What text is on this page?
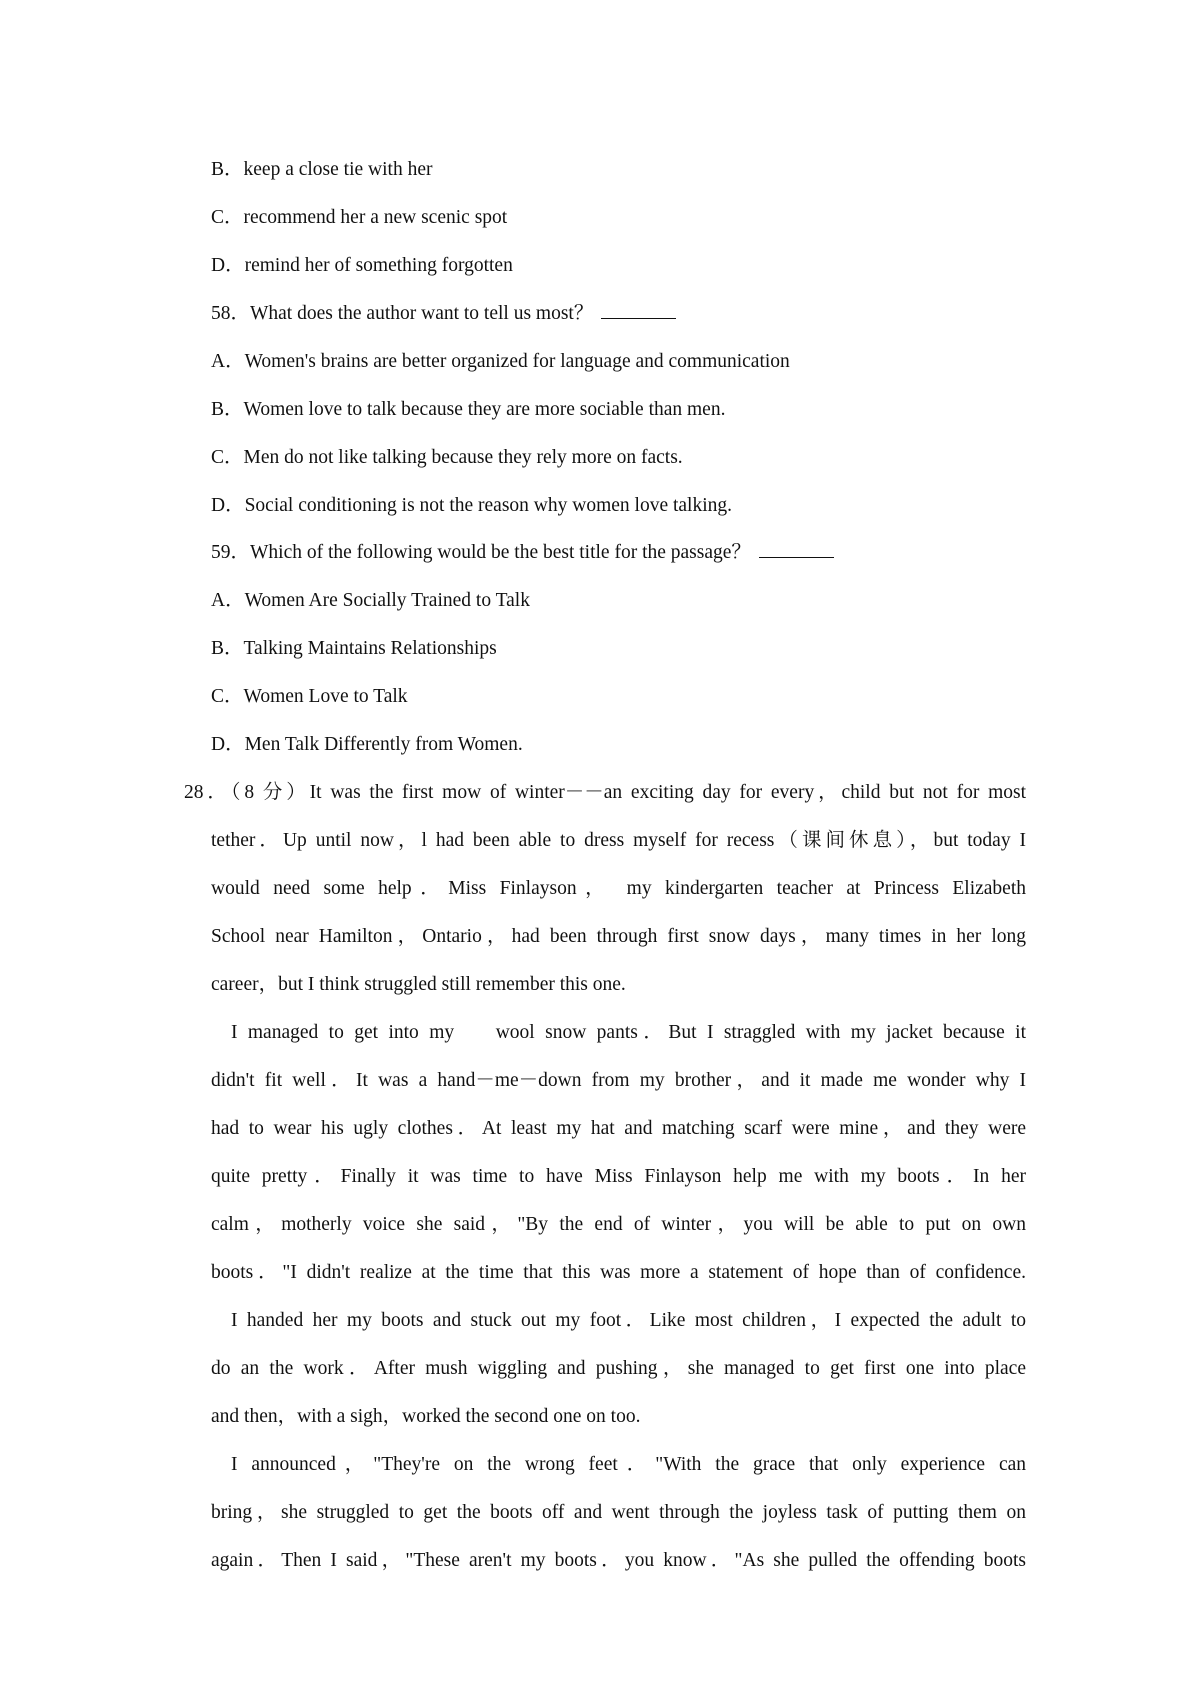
B．keep a close tie with her
C．recommend her a new scenic spot
D．remind her of something forgotten
58．What does the author want to tell us most？
A．Women's brains are better organized for language and communication
B．Women love to talk because they are more sociable than men.
C．Men do not like talking because they rely more on facts.
D．Social conditioning is not the reason why women love talking.
59．Which of the following would be the best title for the passage？
A．Women Are Socially Trained to Talk
B．Talking Maintains Relationships
C．Women Love to Talk
D．Men Talk Differently from Women.
28．（8 分）It was the first mow of winter－－an exciting day for every，child but not for most
tether．Up until now，l had been able to dress myself for recess（课间休息），but today I
would need some help．Miss Finlayson， my kindergarten teacher at Princess Elizabeth
School near Hamilton，Ontario，had been through first snow days，many times in her long
career，but I think struggled still remember this one.
I managed to get into my    wool snow pants．But I straggled with my jacket because it
didn't fit well．It was a hand－me－down from my brother，and it made me wonder why I
had to wear his ugly clothes．At least my hat and matching scarf were mine，and they were
quite pretty．Finally it was time to have Miss Finlayson help me with my boots．In her
calm，motherly voice she said，"By the end of winter，you will be able to put on own
boots．"I didn't realize at the time that this was more a statement of hope than of confidence.
I handed her my boots and stuck out my foot．Like most children，I expected the adult to
do an the work．After mush wiggling and pushing，she managed to get first one into place
and then，with a sigh，worked the second one on too.
I announced，"They're on the wrong feet．"With the grace that only experience can
bring，she struggled to get the boots off and went through the joyless task of putting them on
again．Then I said，"These aren't my boots．you know．"As she pulled the offending boots
